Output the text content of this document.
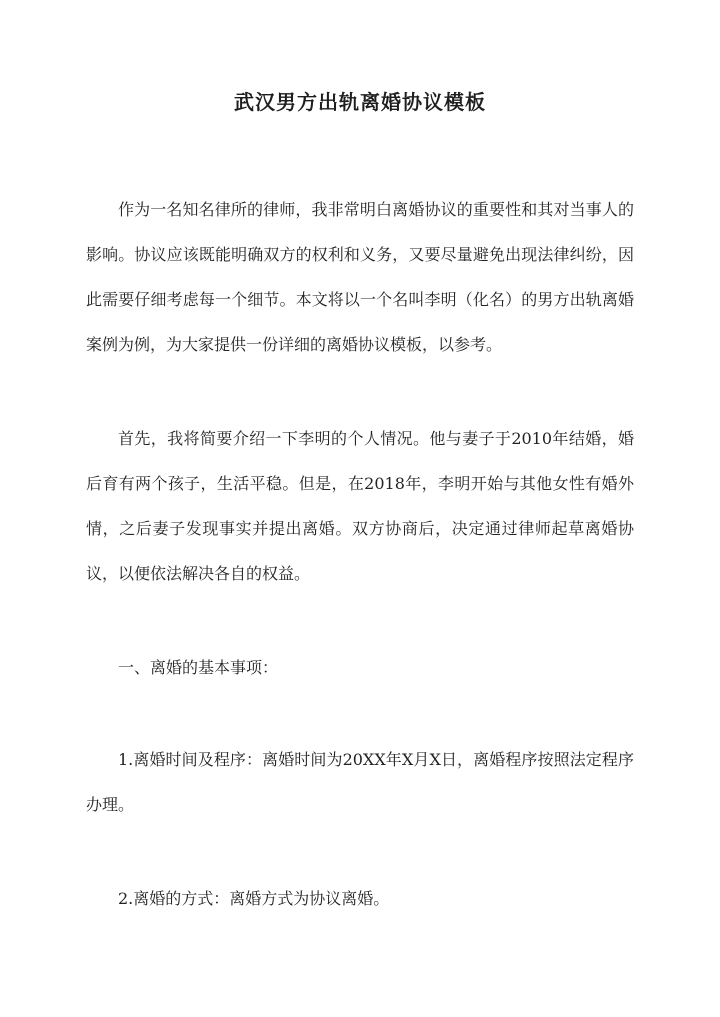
武汉男方出轨离婚协议模板

作为一名知名律所的律师，我非常明白离婚协议的重要性和其对当事人的影响。协议应该既能明确双方的权利和义务，又要尽量避免出现法律纠纷，因此需要仔细考虑每一个细节。本文将以一个名叫李明（化名）的男方出轨离婚案例为例，为大家提供一份详细的离婚协议模板，以参考。

首先，我将简要介绍一下李明的个人情况。他与妻子于2010年结婚，婚后育有两个孩子，生活平稳。但是，在2018年，李明开始与其他女性有婚外情，之后妻子发现事实并提出离婚。双方协商后，决定通过律师起草离婚协议，以便依法解决各自的权益。

一、离婚的基本事项：

1.离婚时间及程序：离婚时间为20XX年X月X日，离婚程序按照法定程序办理。

2.离婚的方式：离婚方式为协议离婚。
